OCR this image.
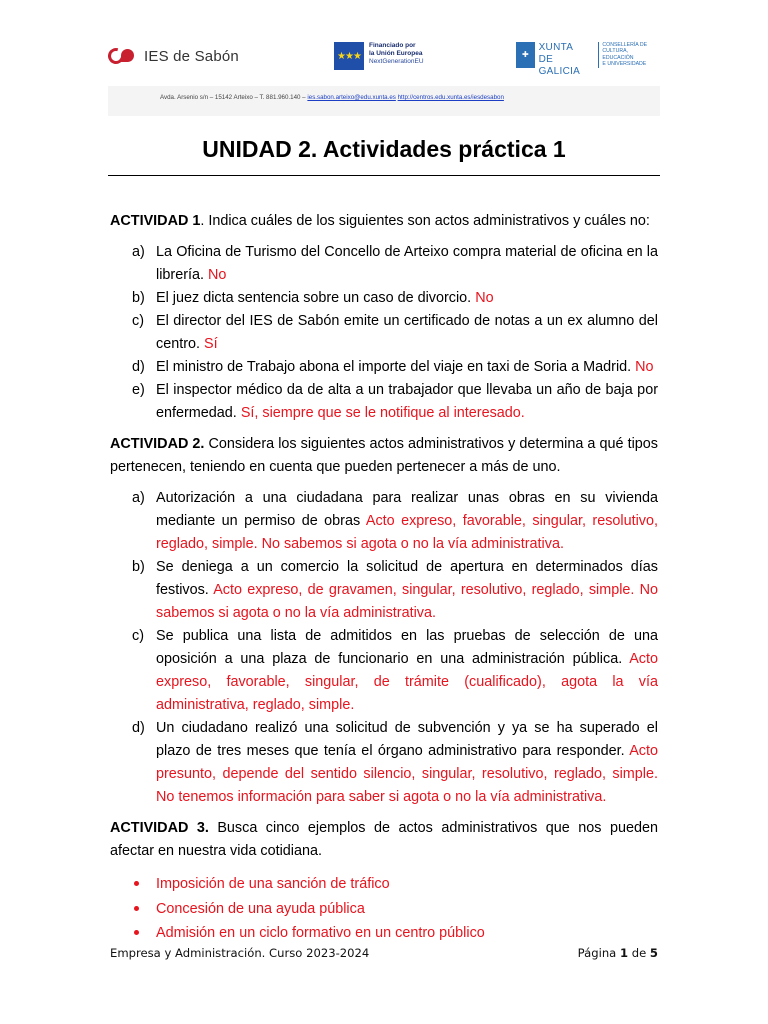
IES de Sabón	★★★
Financiado por
la Unión Europea
NextGenerationEU
✚
XUNTA
DE GALICIA
CONSELLERÍA DE
CULTURA, EDUCACIÓN
E UNIVERSIDADE
Avda. Arsenio s/n – 15142 Arteixo – T. 881.960.140 – ies.sabon.arteixo@edu.xunta.es http://centros.edu.xunta.es/iesdesabon
UNIDAD 2. Actividades práctica 1

ACTIVIDAD 1. Indica cuáles de los siguientes son actos administrativos y cuáles no:

a) La Oficina de Turismo del Concello de Arteixo compra material de oficina en la librería. No
b) El juez dicta sentencia sobre un caso de divorcio. No
c) El director del IES de Sabón emite un certificado de notas a un ex alumno del centro. Sí
d) El ministro de Trabajo abona el importe del viaje en taxi de Soria a Madrid. No
e) El inspector médico da de alta a un trabajador que llevaba un año de baja por enfermedad. Sí, siempre que se le notifique al interesado.

ACTIVIDAD 2. Considera los siguientes actos administrativos y determina a qué tipos pertenecen, teniendo en cuenta que pueden pertenecer a más de uno.

a) Autorización a una ciudadana para realizar unas obras en su vivienda mediante un permiso de obras Acto expreso, favorable, singular, resolutivo, reglado, simple. No sabemos si agota o no la vía administrativa.
b) Se deniega a un comercio la solicitud de apertura en determinados días festivos. Acto expreso, de gravamen, singular, resolutivo, reglado, simple. No sabemos si agota o no la vía administrativa.
c) Se publica una lista de admitidos en las pruebas de selección de una oposición a una plaza de funcionario en una administración pública. Acto expreso, favorable, singular, de trámite (cualificado), agota la vía administrativa, reglado, simple.
d) Un ciudadano realizó una solicitud de subvención y ya se ha superado el plazo de tres meses que tenía el órgano administrativo para responder. Acto presunto, depende del sentido silencio, singular, resolutivo, reglado, simple. No tenemos información para saber si agota o no la vía administrativa.

ACTIVIDAD 3. Busca cinco ejemplos de actos administrativos que nos pueden afectar en nuestra vida cotidiana.

Imposición de una sanción de tráfico
Concesión de una ayuda pública
Admisión en un ciclo formativo en un centro público
Empresa y Administración. Curso 2023-2024	Página 1 de 5
